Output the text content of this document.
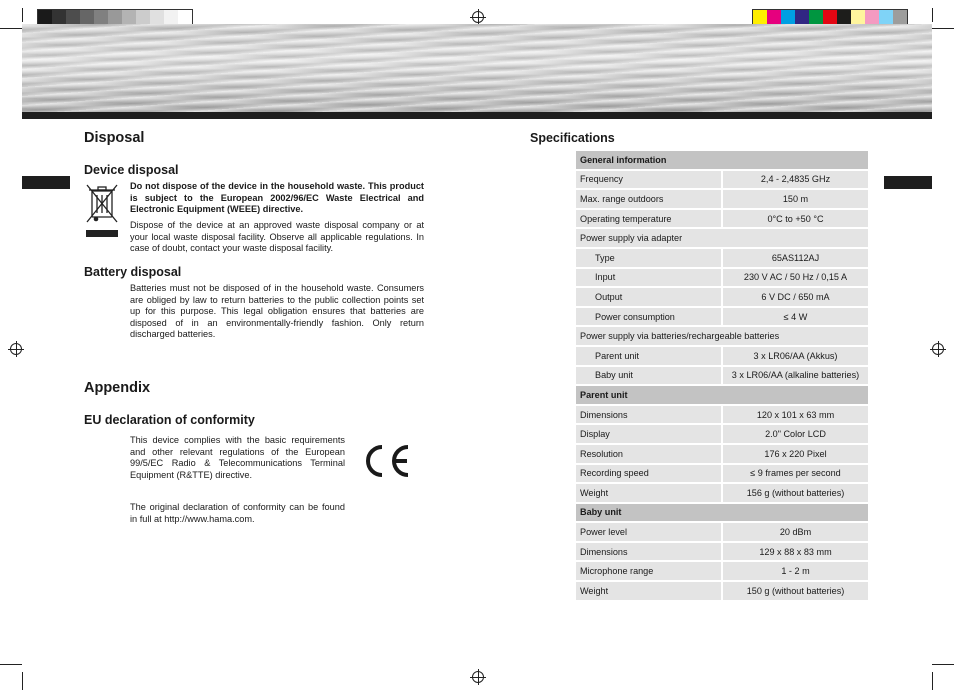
Disposal
Device disposal

Do not dispose of the device in the household waste. This product is subject to the European 2002/96/EC Waste Electrical and Electronic Equipment (WEEE) directive.

Dispose of the device at an approved waste disposal company or at your local waste disposal facility. Observe all applicable regulations. In case of doubt, contact your waste disposal facility.

Battery disposal

Batteries must not be disposed of in the household waste. Consumers are obliged by law to return batteries to the public collection points set up for this purpose. This legal obligation ensures that batteries are disposed of in an environmentally-friendly fashion. Only return discharged batteries.

Appendix
EU declaration of conformity

This device complies with the basic requirements and other relevant regulations of the European 99/5/EC Radio & Telecommunications Terminal Equipment (R&TTE) directive.

The original declaration of conformity can be found in full at http://www.hama.com.

Specifications
General information	
Frequency	2,4 - 2,4835 GHz
Max. range outdoors	150 m
Operating temperature	0°C to +50 °C
Power supply via adapter	
Type	65AS112AJ
Input	230 V AC / 50 Hz / 0,15 A
Output	6 V DC / 650 mA
Power consumption	≤ 4 W
Power supply via batteries/rechargeable batteries	
Parent unit	3 x LR06/AA (Akkus)
Baby unit	3 x LR06/AA (alkaline batteries)
Parent unit	
Dimensions	120 x 101 x 63 mm
Display	2.0" Color LCD
Resolution	176 x 220 Pixel
Recording speed	≤ 9 frames per second
Weight	156 g (without batteries)
Baby unit	
Power level	20 dBm
Dimensions	129 x 88 x 83 mm
Microphone range	1 - 2 m
Weight	150 g (without batteries)
